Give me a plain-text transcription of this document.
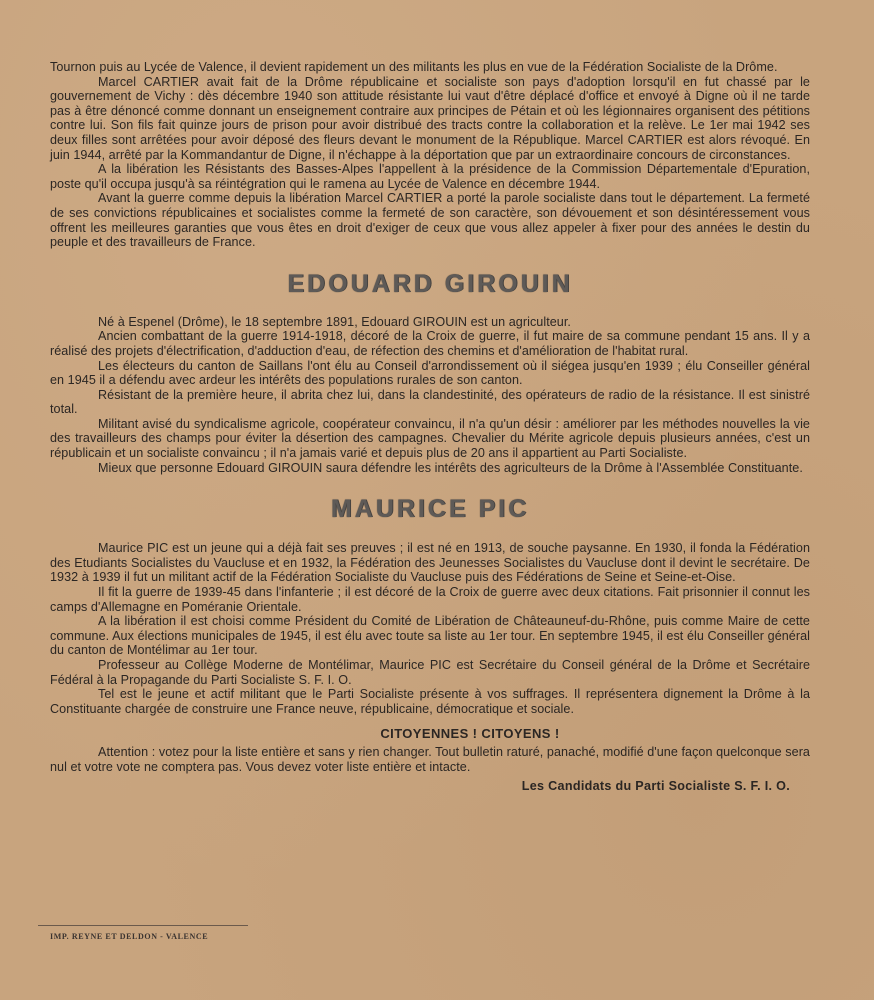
Tournon puis au Lycée de Valence, il devient rapidement un des militants les plus en vue de la Fédération Socialiste de la Drôme.

Marcel CARTIER avait fait de la Drôme républicaine et socialiste son pays d'adoption lorsqu'il en fut chassé par le gouvernement de Vichy : dès décembre 1940 son attitude résistante lui vaut d'être déplacé d'office et envoyé à Digne où il ne tarde pas à être dénoncé comme donnant un enseignement contraire aux principes de Pétain et où les légionnaires organisent des pétitions contre lui. Son fils fait quinze jours de prison pour avoir distribué des tracts contre la collaboration et la relève. Le 1er mai 1942 ses deux filles sont arrêtées pour avoir déposé des fleurs devant le monument de la République. Marcel CARTIER est alors révoqué. En juin 1944, arrêté par la Kommandantur de Digne, il n'échappe à la déportation que par un extraordinaire concours de circonstances.

A la libération les Résistants des Basses-Alpes l'appellent à la présidence de la Commission Départementale d'Epuration, poste qu'il occupa jusqu'à sa réintégration qui le ramena au Lycée de Valence en décembre 1944.

Avant la guerre comme depuis la libération Marcel CARTIER a porté la parole socialiste dans tout le département. La fermeté de ses convictions républicaines et socialistes comme la fermeté de son caractère, son dévouement et son désintéressement vous offrent les meilleures garanties que vous êtes en droit d'exiger de ceux que vous allez appeler à fixer pour des années le destin du peuple et des travailleurs de France.

EDOUARD GIROUIN

Né à Espenel (Drôme), le 18 septembre 1891, Edouard GIROUIN est un agriculteur.

Ancien combattant de la guerre 1914-1918, décoré de la Croix de guerre, il fut maire de sa commune pendant 15 ans. Il y a réalisé des projets d'électrification, d'adduction d'eau, de réfection des chemins et d'amélioration de l'habitat rural.

Les électeurs du canton de Saillans l'ont élu au Conseil d'arrondissement où il siégea jusqu'en 1939 ; élu Conseiller général en 1945 il a défendu avec ardeur les intérêts des populations rurales de son canton.

Résistant de la première heure, il abrita chez lui, dans la clandestinité, des opérateurs de radio de la résistance. Il est sinistré total.

Militant avisé du syndicalisme agricole, coopérateur convaincu, il n'a qu'un désir : améliorer par les méthodes nouvelles la vie des travailleurs des champs pour éviter la désertion des campagnes. Chevalier du Mérite agricole depuis plusieurs années, c'est un républicain et un socialiste convaincu ; il n'a jamais varié et depuis plus de 20 ans il appartient au Parti Socialiste.

Mieux que personne Edouard GIROUIN saura défendre les intérêts des agriculteurs de la Drôme à l'Assemblée Constituante.

MAURICE PIC

Maurice PIC est un jeune qui a déjà fait ses preuves ; il est né en 1913, de souche paysanne. En 1930, il fonda la Fédération des Etudiants Socialistes du Vaucluse et en 1932, la Fédération des Jeunesses Socialistes du Vaucluse dont il devint le secrétaire. De 1932 à 1939 il fut un militant actif de la Fédération Socialiste du Vaucluse puis des Fédérations de Seine et Seine-et-Oise.

Il fit la guerre de 1939-45 dans l'infanterie ; il est décoré de la Croix de guerre avec deux citations. Fait prisonnier il connut les camps d'Allemagne en Poméranie Orientale.

A la libération il est choisi comme Président du Comité de Libération de Châteauneuf-du-Rhône, puis comme Maire de cette commune. Aux élections municipales de 1945, il est élu avec toute sa liste au 1er tour. En septembre 1945, il est élu Conseiller général du canton de Montélimar au 1er tour.

Professeur au Collège Moderne de Montélimar, Maurice PIC est Secrétaire du Conseil général de la Drôme et Secrétaire Fédéral à la Propagande du Parti Socialiste S. F. I. O.

Tel est le jeune et actif militant que le Parti Socialiste présente à vos suffrages. Il représentera dignement la Drôme à la Constituante chargée de construire une France neuve, républicaine, démocratique et sociale.

CITOYENNES ! CITOYENS !

Attention : votez pour la liste entière et sans y rien changer. Tout bulletin raturé, panaché, modifié d'une façon quelconque sera nul et votre vote ne comptera pas. Vous devez voter liste entière et intacte.

Les Candidats du Parti Socialiste S. F. I. O.
IMP. REYNE ET DELDON - VALENCE
